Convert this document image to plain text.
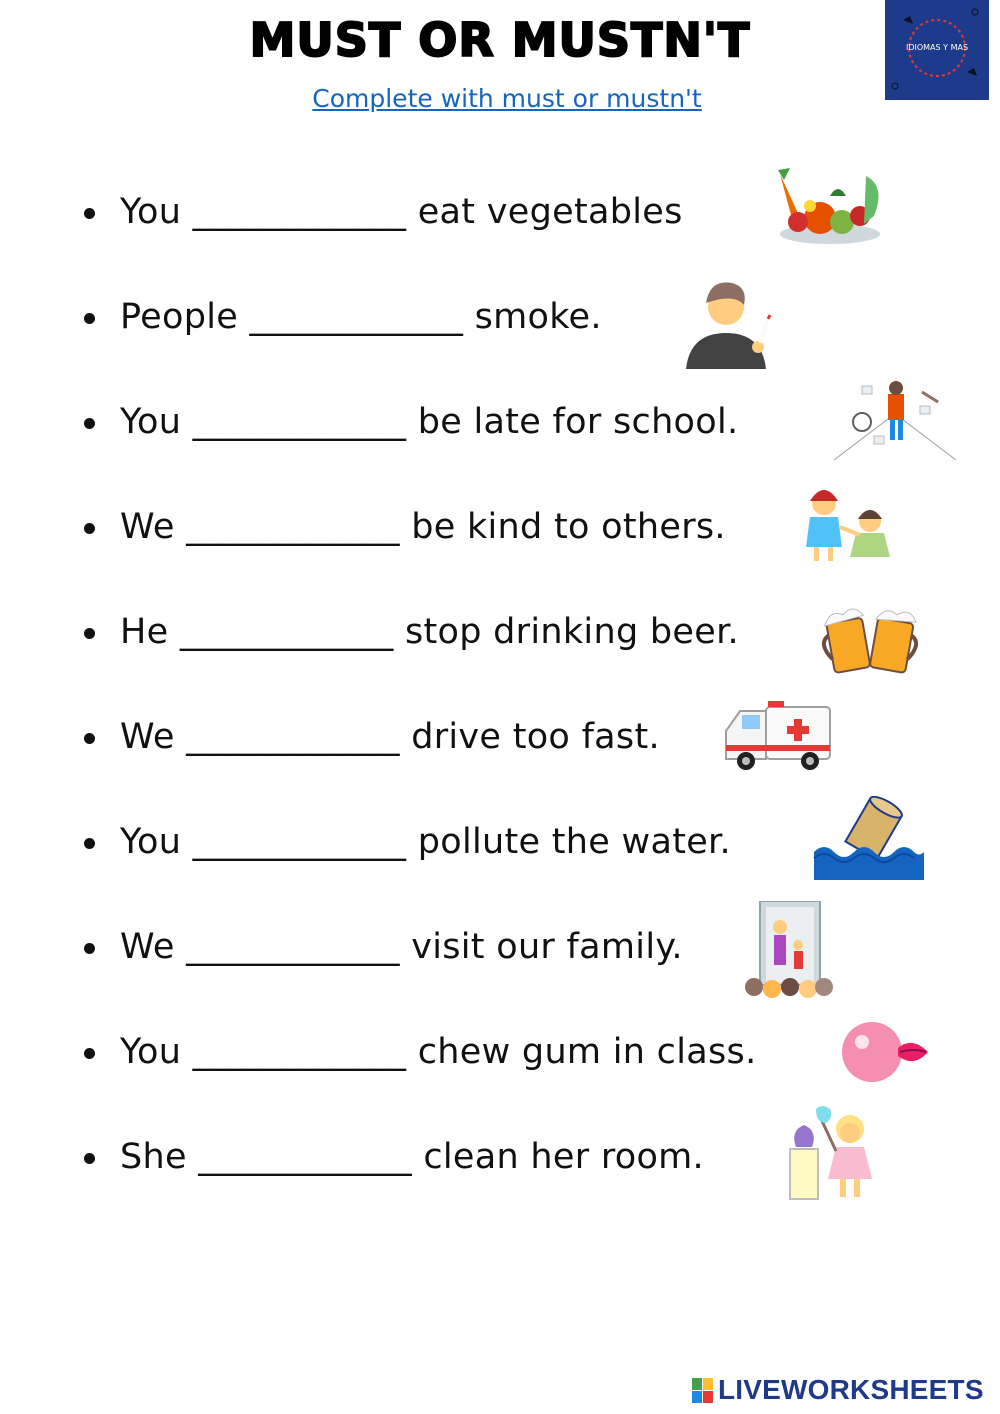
MUST OR MUSTN'T
Complete with must or mustn't
IDIOMAS Y MAS
You ____________ eat vegetables
People ____________ smoke.
You ____________ be late for school.
We ____________ be kind to others.
He ____________ stop drinking beer.
We ____________ drive too fast.
You ____________ pollute the water.
We ____________ visit our family.
You ____________ chew gum in class.
She ____________ clean her room.
LIVEWORKSHEETS
